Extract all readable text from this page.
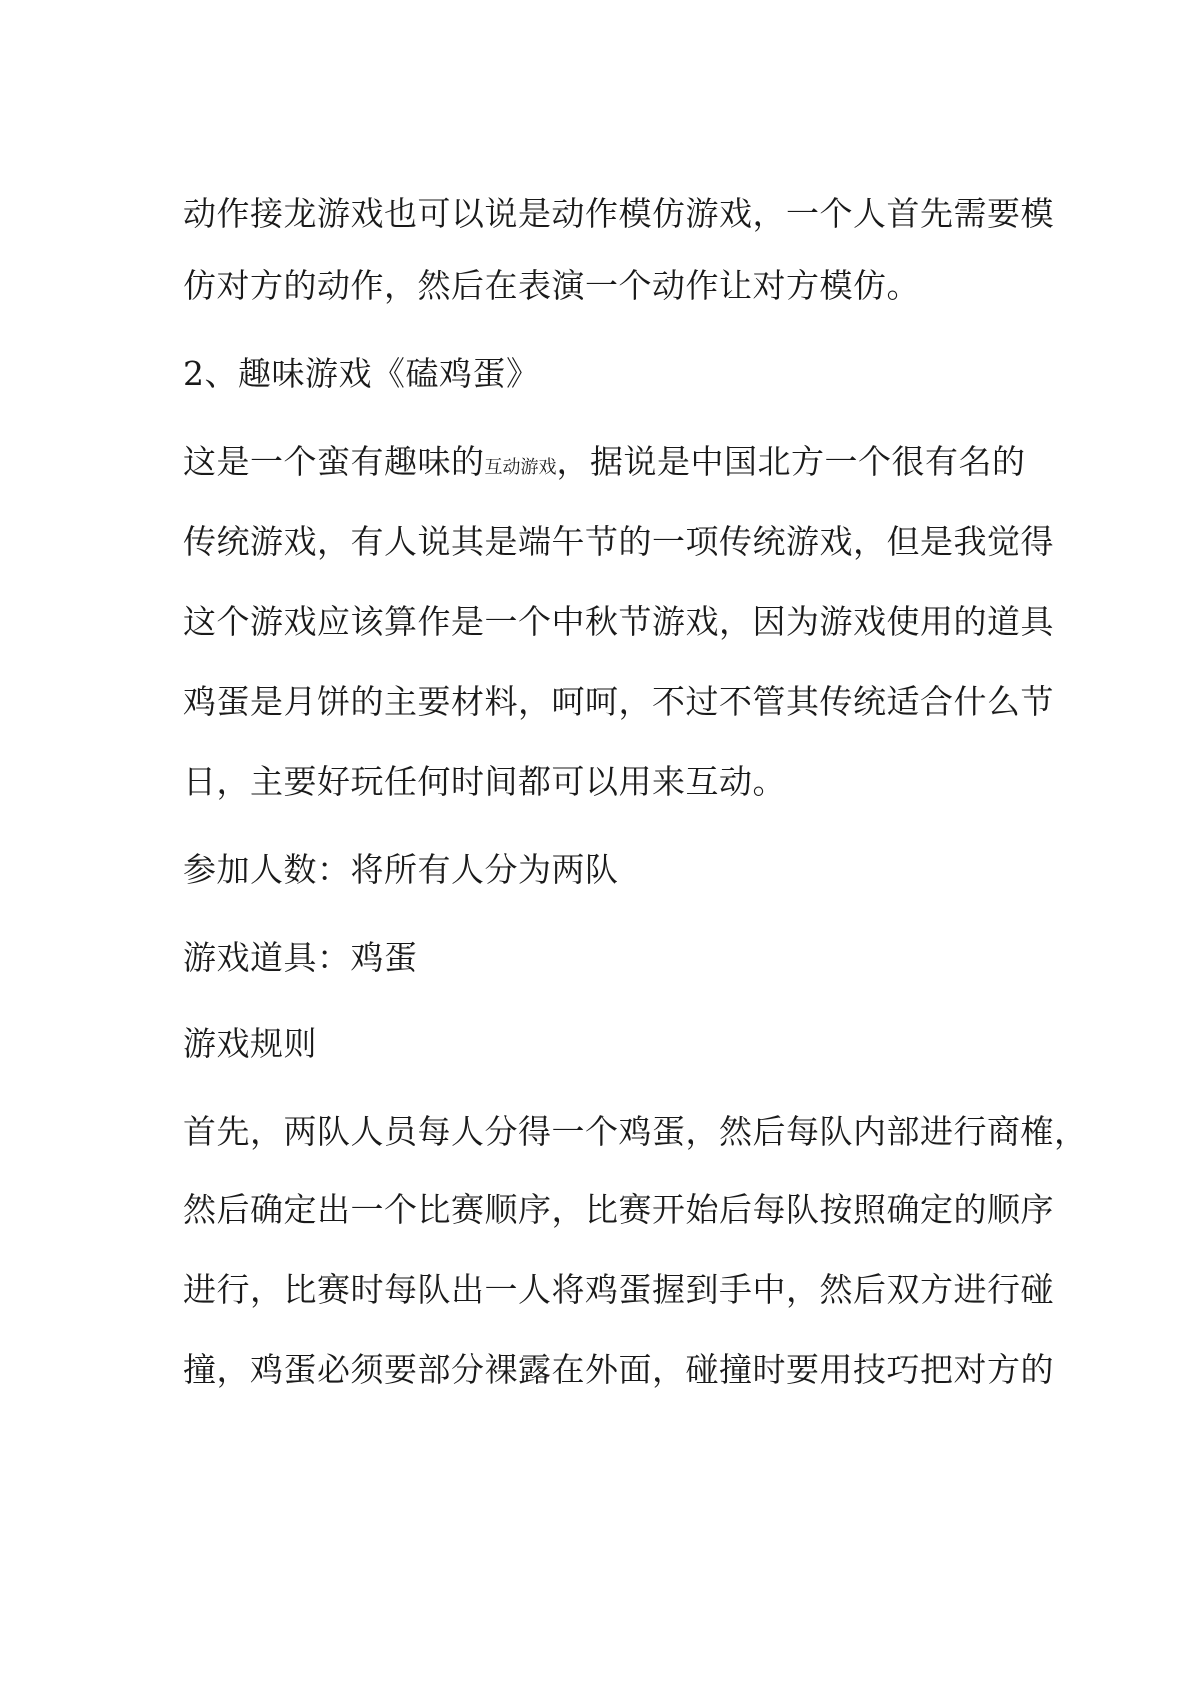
动作接龙游戏也可以说是动作模仿游戏，一个人首先需要模
仿对方的动作，然后在表演一个动作让对方模仿。
2、趣味游戏《磕鸡蛋》
这是一个蛮有趣味的互动游戏，据说是中国北方一个很有名的
传统游戏，有人说其是端午节的一项传统游戏，但是我觉得
这个游戏应该算作是一个中秋节游戏，因为游戏使用的道具
鸡蛋是月饼的主要材料，呵呵，不过不管其传统适合什么节
日，主要好玩任何时间都可以用来互动。
参加人数：将所有人分为两队
游戏道具：鸡蛋
游戏规则
首先，两队人员每人分得一个鸡蛋，然后每队内部进行商榷，
然后确定出一个比赛顺序，比赛开始后每队按照确定的顺序
进行，比赛时每队出一人将鸡蛋握到手中，然后双方进行碰
撞，鸡蛋必须要部分裸露在外面，碰撞时要用技巧把对方的
